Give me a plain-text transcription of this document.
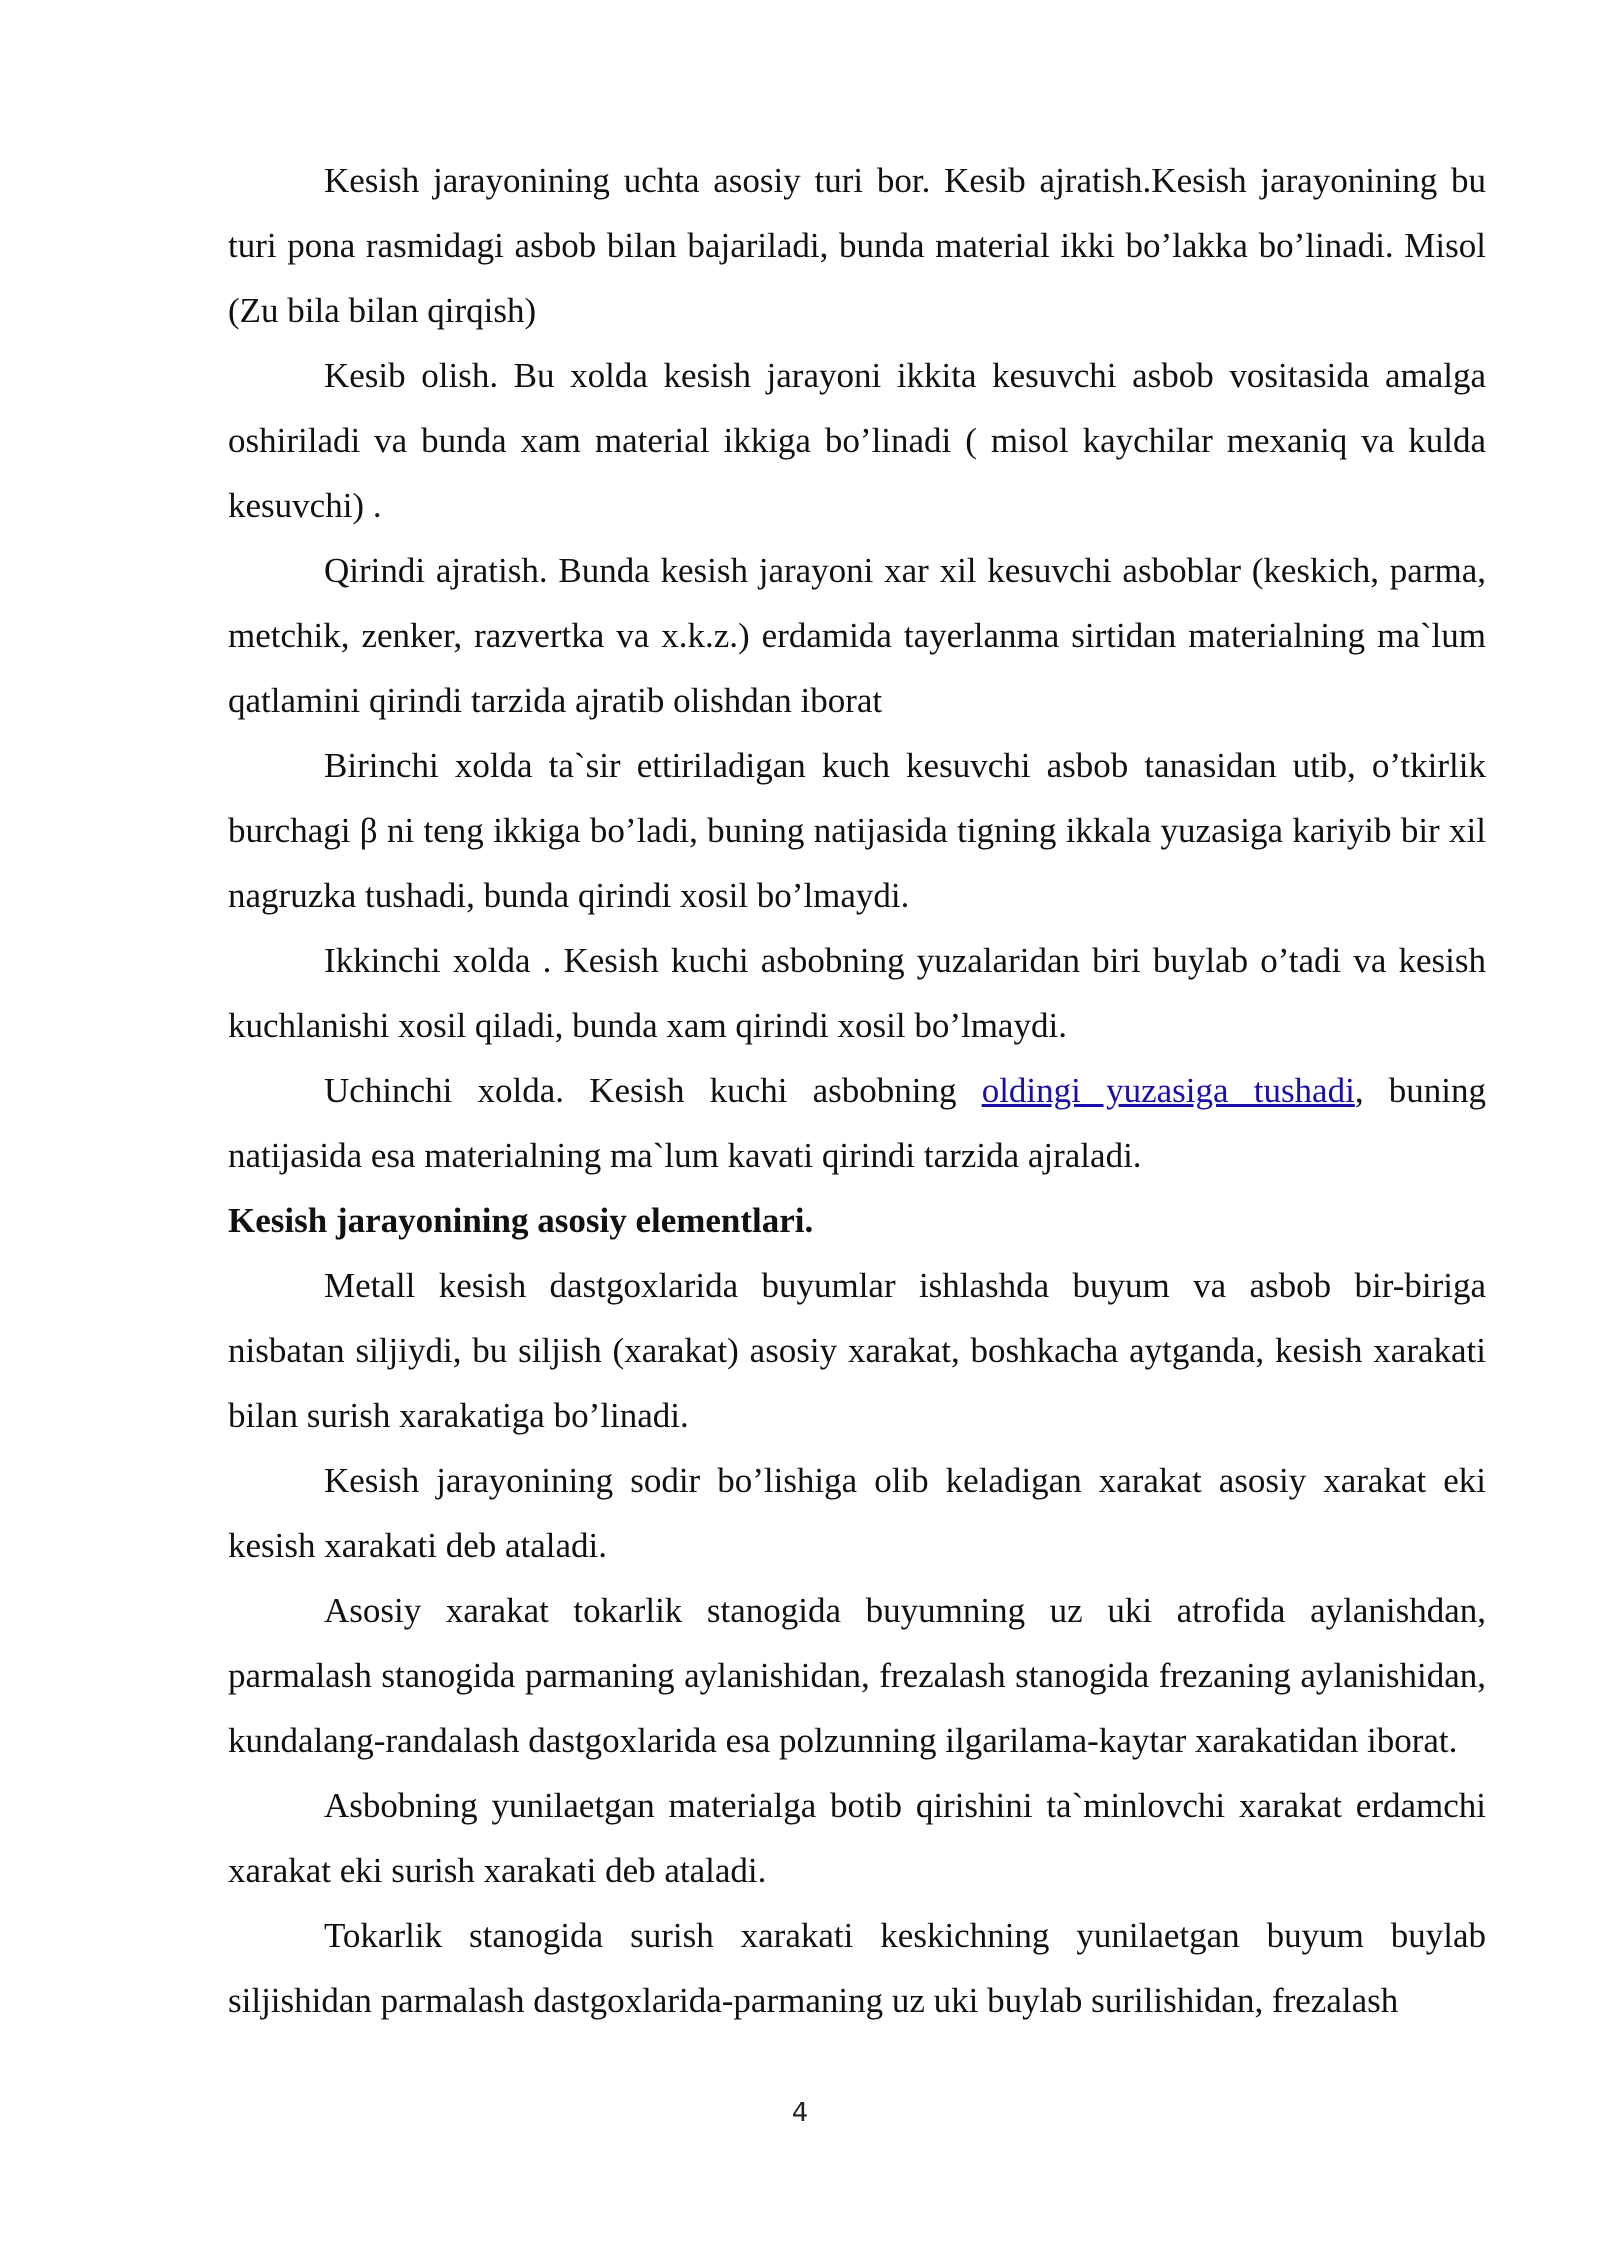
Kesish jarayonining uchta asosiy turi bor. Kesib ajratish.Kesish jarayonining bu turi pona rasmidagi asbob bilan bajariladi, bunda material ikki bo’lakka bo’linadi. Misol (Zu bila bilan qirqish)

Kesib olish. Bu xolda kesish jarayoni ikkita kesuvchi asbob vositasida amalga oshiriladi va bunda xam material ikkiga bo’linadi ( misol kaychilar mexaniq va kulda kesuvchi) .

Qirindi ajratish. Bunda kesish jarayoni xar xil kesuvchi asboblar (keskich, parma, metchik, zenker, razvertka va x.k.z.) erdamida tayerlanma sirtidan materialning ma`lum qatlamini qirindi tarzida ajratib olishdan iborat

Birinchi xolda ta`sir ettiriladigan kuch kesuvchi asbob tanasidan utib, o’tkirlik burchagi β ni teng ikkiga bo’ladi, buning natijasida tigning ikkala yuzasiga kariyib bir xil nagruzka tushadi, bunda qirindi xosil bo’lmaydi.

Ikkinchi xolda . Kesish kuchi asbobning yuzalaridan biri buylab o’tadi va kesish kuchlanishi xosil qiladi, bunda xam qirindi xosil bo’lmaydi.

Uchinchi xolda. Kesish kuchi asbobning oldingi yuzasiga tushadi, buning natijasida esa materialning ma`lum kavati qirindi tarzida ajraladi.

Kesish jarayonining asosiy elementlari.

Metall kesish dastgoxlarida buyumlar ishlashda buyum va asbob bir-biriga nisbatan siljiydi, bu siljish (xarakat) asosiy xarakat, boshkacha aytganda, kesish xarakati bilan surish xarakatiga bo’linadi.

Kesish jarayonining sodir bo’lishiga olib keladigan xarakat asosiy xarakat eki kesish xarakati deb ataladi.

Asosiy xarakat tokarlik stanogida buyumning uz uki atrofida aylanishdan, parmalash stanogida parmaning aylanishidan, frezalash stanogida frezaning aylanishidan, kundalang-randalash dastgoxlarida esa polzunning ilgarilama-kaytar xarakatidan iborat.

Asbobning yunilaetgan materialga botib qirishini ta`minlovchi xarakat erdamchi xarakat eki surish xarakati deb ataladi.

Tokarlik stanogida surish xarakati keskichning yunilaetgan buyum buylab siljishidan parmalash dastgoxlarida-parmaning uz uki buylab surilishidan, frezalash

4
